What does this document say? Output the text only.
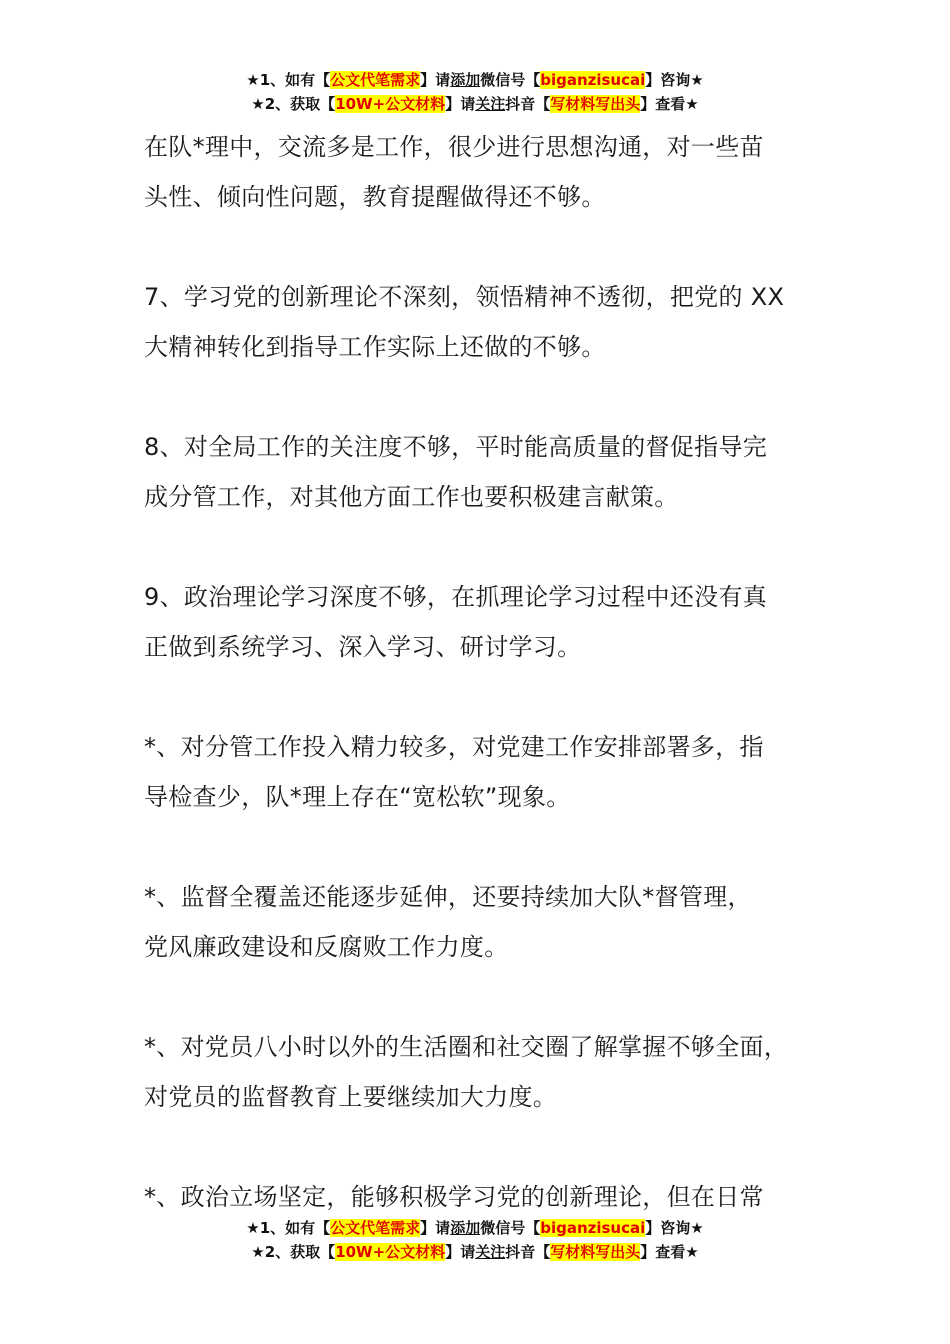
★1、如有【公文代笔需求】请添加微信号【biganzisucai】咨询★
★2、获取【10W+公文材料】请关注抖音【写材料写出头】查看★

在队*理中，交流多是工作，很少进行思想沟通，对一些苗
头性、倾向性问题，教育提醒做得还不够。

7、学习党的创新理论不深刻，领悟精神不透彻，把党的 XX
大精神转化到指导工作实际上还做的不够。

8、对全局工作的关注度不够，平时能高质量的督促指导完
成分管工作，对其他方面工作也要积极建言献策。

9、政治理论学习深度不够，在抓理论学习过程中还没有真
正做到系统学习、深入学习、研讨学习。

*、对分管工作投入精力较多，对党建工作安排部署多，指
导检查少，队*理上存在“宽松软”现象。

*、监督全覆盖还能逐步延伸，还要持续加大队*督管理，
党风廉政建设和反腐败工作力度。

*、对党员八小时以外的生活圈和社交圈了解掌握不够全面，
对党员的监督教育上要继续加大力度。

*、政治立场坚定，能够积极学习党的创新理论，但在日常

★1、如有【公文代笔需求】请添加微信号【biganzisucai】咨询★
★2、获取【10W+公文材料】请关注抖音【写材料写出头】查看★
